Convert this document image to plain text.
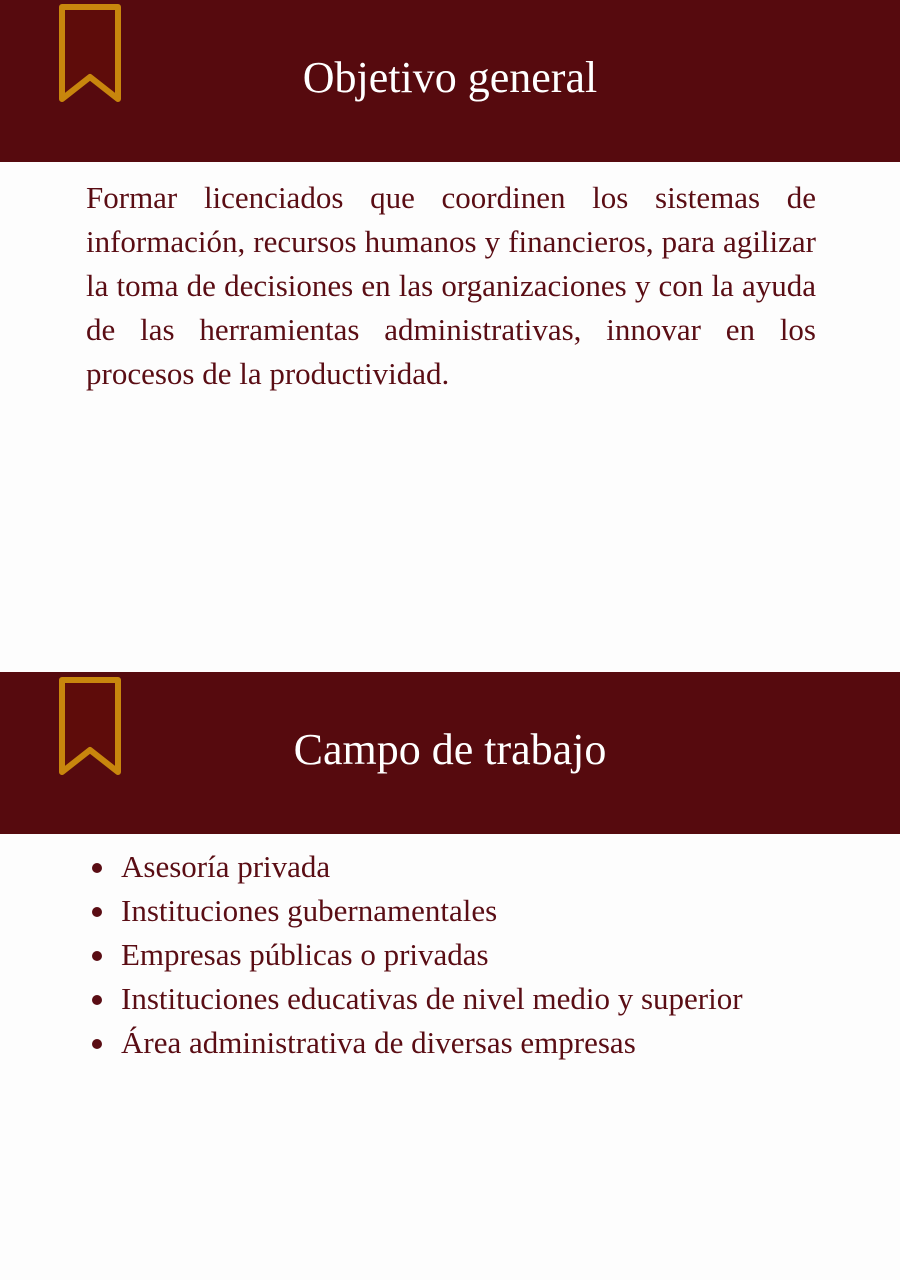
Objetivo general

Formar licenciados que coordinen los sistemas de información, recursos humanos y financieros, para agilizar la toma de decisiones en las organizaciones y con la ayuda de las herramientas administrativas, innovar en los procesos de la productividad.

Campo de trabajo
Asesoría privada
Instituciones gubernamentales
Empresas públicas o privadas
Instituciones educativas de nivel medio y superior
Área administrativa de diversas empresas
